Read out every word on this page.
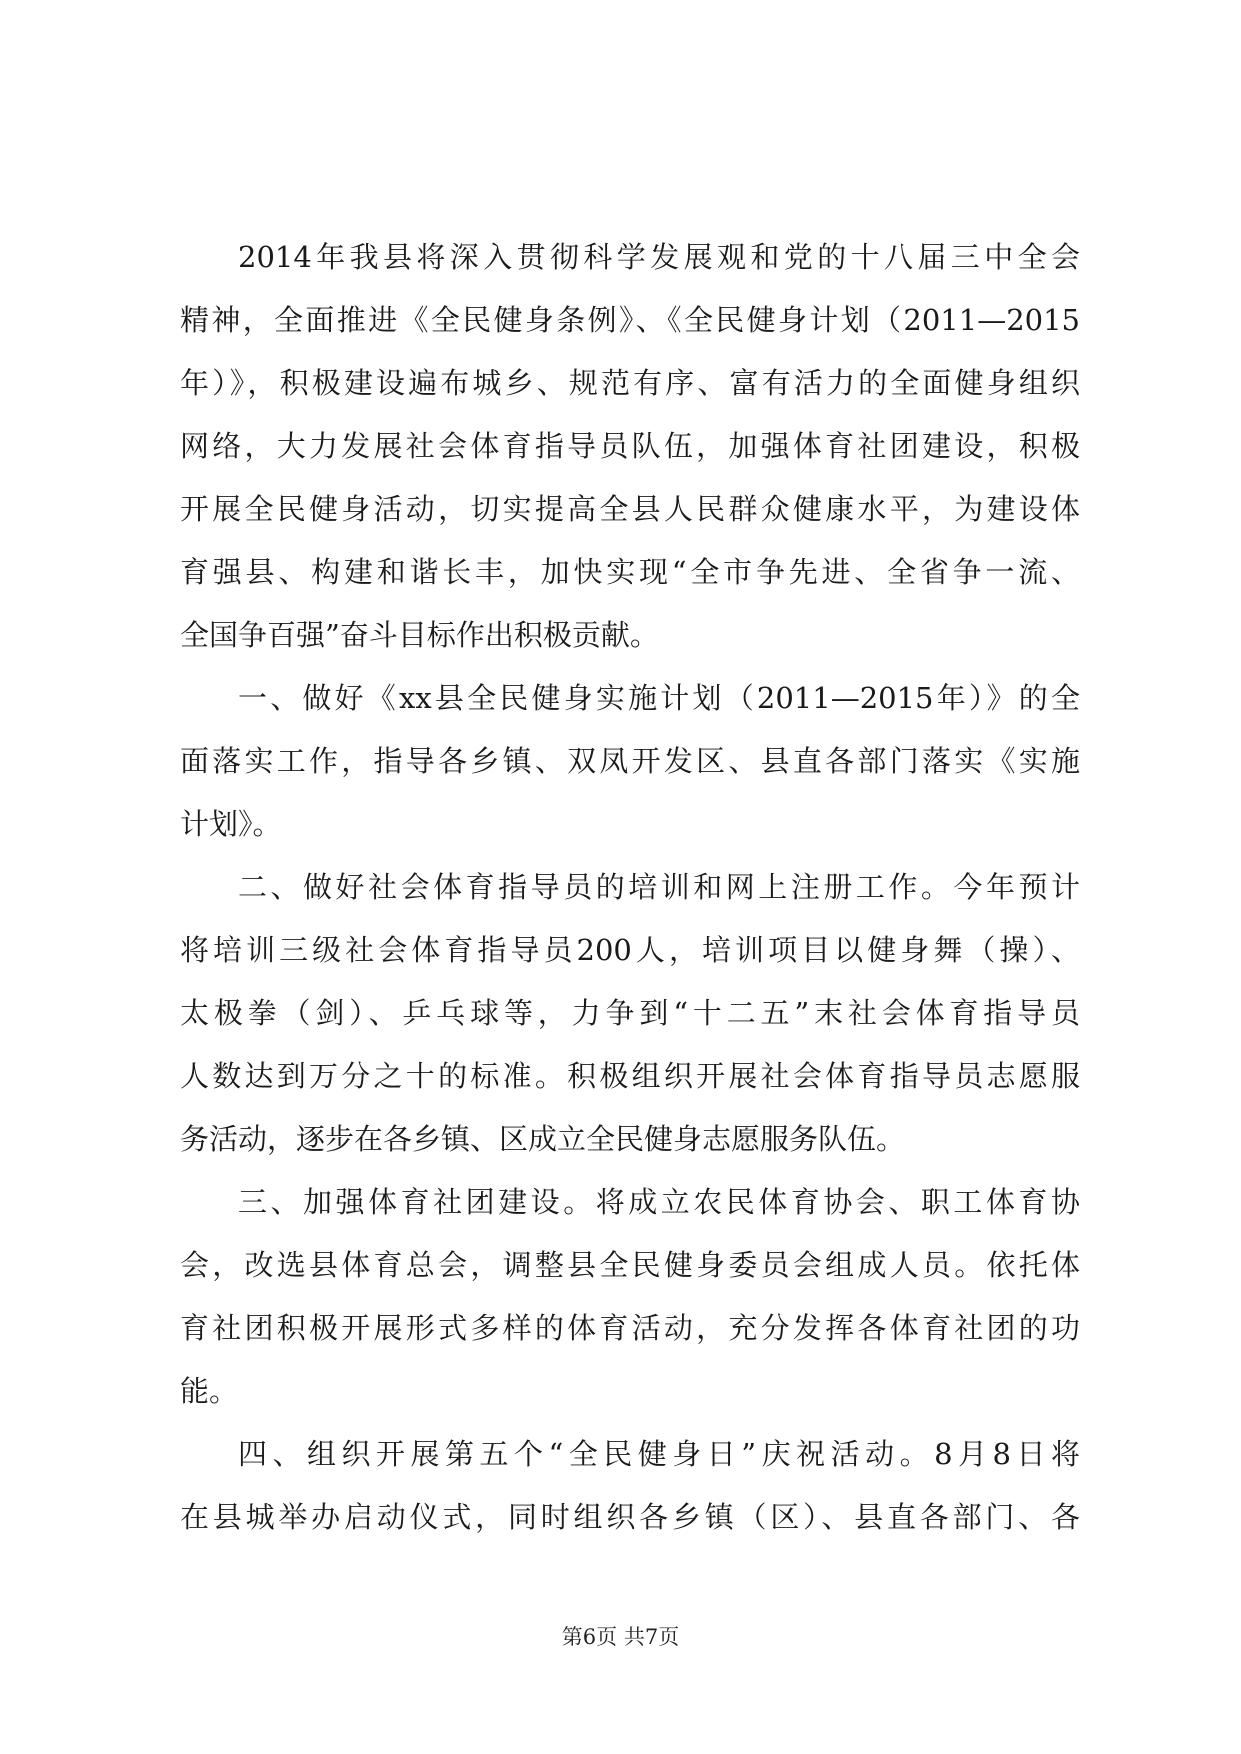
2014年我县将深入贯彻科学发展观和党的十八届三中全会
精神，全面推进《全民健身条例》、《全民健身计划（2011—2015
年）》，积极建设遍布城乡、规范有序、富有活力的全面健身组织
网络，大力发展社会体育指导员队伍，加强体育社团建设，积极
开展全民健身活动，切实提高全县人民群众健康水平，为建设体
育强县、构建和谐长丰，加快实现“全市争先进、全省争一流、
全国争百强”奋斗目标作出积极贡献。
一、做好《xx县全民健身实施计划（2011—2015年）》的全
面落实工作，指导各乡镇、双凤开发区、县直各部门落实《实施
计划》。
二、做好社会体育指导员的培训和网上注册工作。今年预计
将培训三级社会体育指导员200人，培训项目以健身舞（操）、
太极拳（剑）、乒乓球等，力争到“十二五”末社会体育指导员
人数达到万分之十的标准。积极组织开展社会体育指导员志愿服
务活动，逐步在各乡镇、区成立全民健身志愿服务队伍。
三、加强体育社团建设。将成立农民体育协会、职工体育协
会，改选县体育总会，调整县全民健身委员会组成人员。依托体
育社团积极开展形式多样的体育活动，充分发挥各体育社团的功
能。
四、组织开展第五个“全民健身日”庆祝活动。8月8日将
在县城举办启动仪式，同时组织各乡镇（区）、县直各部门、各
第6页 共7页
